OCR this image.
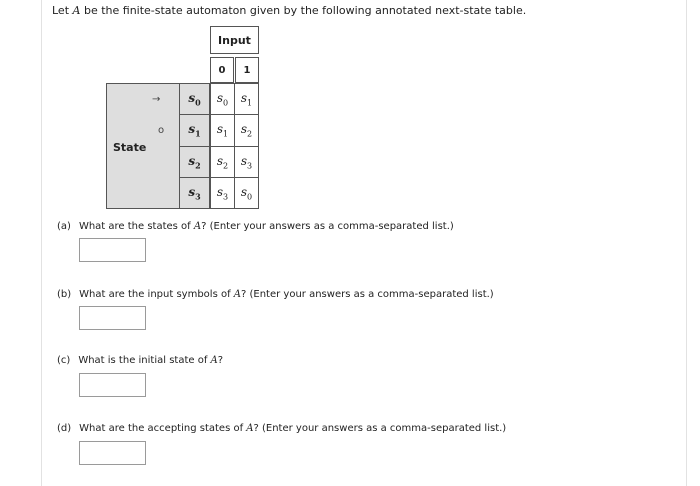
Let A be the finite-state automaton given by the following annotated next-state table.
Input
0	1
State
→
o
$s_0$ $s_0$ $s_1$
$s_1$ $s_1$ $s_2$
$s_2$ $s_2$ $s_3$
$s_3$ $s_3$ $s_0$
(a) What are the states of A? (Enter your answers as a comma-separated list.)
(b) What are the input symbols of A? (Enter your answers as a comma-separated list.)
(c) What is the initial state of A?
(d) What are the accepting states of A? (Enter your answers as a comma-separated list.)
